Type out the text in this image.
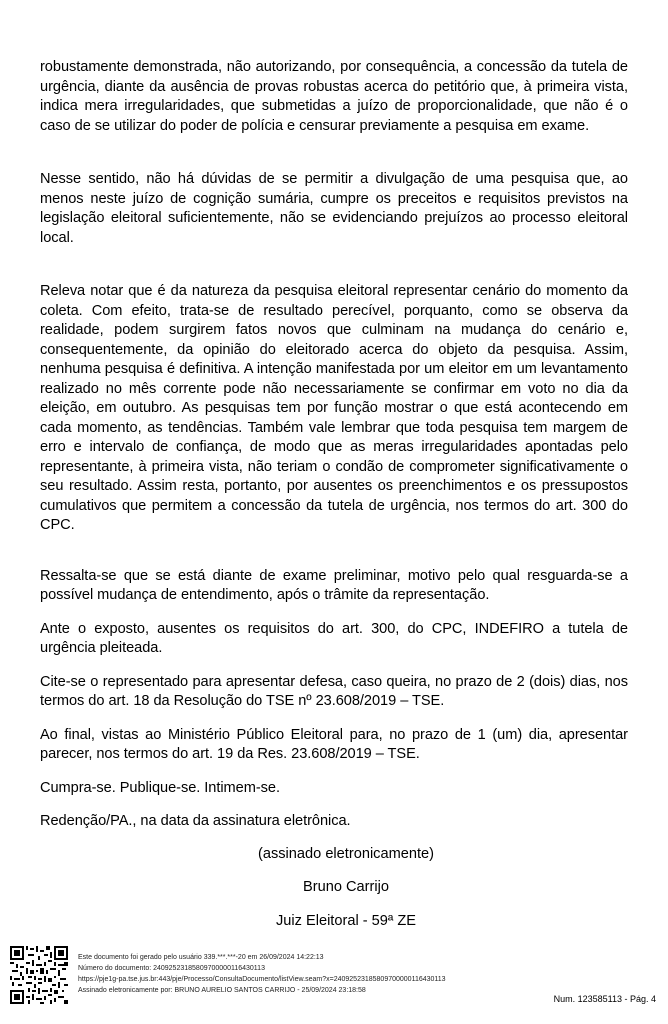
robustamente demonstrada, não autorizando, por consequência, a concessão da tutela de urgência, diante da ausência de provas robustas acerca do petitório que, à primeira vista, indica mera irregularidades, que submetidas a juízo de proporcionalidade, que não é o caso de se utilizar do poder de polícia e censurar previamente a pesquisa em exame.

Nesse sentido, não há dúvidas de se permitir a divulgação de uma pesquisa que, ao menos neste juízo de cognição sumária, cumpre os preceitos e requisitos previstos na legislação eleitoral suficientemente, não se evidenciando prejuízos ao processo eleitoral local.

Releva notar que é da natureza da pesquisa eleitoral representar cenário do momento da coleta. Com efeito, trata-se de resultado perecível, porquanto, como se observa da realidade, podem surgirem fatos novos que culminam na mudança do cenário e, consequentemente, da opinião do eleitorado acerca do objeto da pesquisa. Assim, nenhuma pesquisa é definitiva. A intenção manifestada por um eleitor em um levantamento realizado no mês corrente pode não necessariamente se confirmar em voto no dia da eleição, em outubro. As pesquisas tem por função mostrar o que está acontecendo em cada momento, as tendências. Também vale lembrar que toda pesquisa tem margem de erro e intervalo de confiança, de modo que as meras irregularidades apontadas pelo representante, à primeira vista, não teriam o condão de comprometer significativamente o seu resultado. Assim resta, portanto, por ausentes os preenchimentos e os pressupostos cumulativos que permitem a concessão da tutela de urgência, nos termos do art. 300 do CPC.

Ressalta-se que se está diante de exame preliminar, motivo pelo qual resguarda-se a possível mudança de entendimento, após o trâmite da representação.

Ante o exposto, ausentes os requisitos do art. 300, do CPC, INDEFIRO a tutela de urgência pleiteada.

Cite-se o representado para apresentar defesa, caso queira, no prazo de 2 (dois) dias, nos termos do art. 18 da Resolução do TSE nº 23.608/2019 – TSE.

Ao final, vistas ao Ministério Público Eleitoral para, no prazo de 1 (um) dia, apresentar parecer, nos termos do art. 19 da Res. 23.608/2019 – TSE.

Cumpra-se. Publique-se. Intimem-se.

Redenção/PA., na data da assinatura eletrônica.

(assinado eletronicamente)

Bruno Carrijo

Juiz Eleitoral - 59ª ZE

Este documento foi gerado pelo usuário 339.***.***-20 em 26/09/2024 14:22:13
Número do documento: 24092523185809700000116430113
https://pje1g-pa.tse.jus.br:443/pje/Processo/ConsultaDocumento/listView.seam?x=24092523185809700000116430113
Assinado eletronicamente por: BRUNO AURELIO SANTOS CARRIJO - 25/09/2024 23:18:58
Num. 123585113 - Pág. 4
